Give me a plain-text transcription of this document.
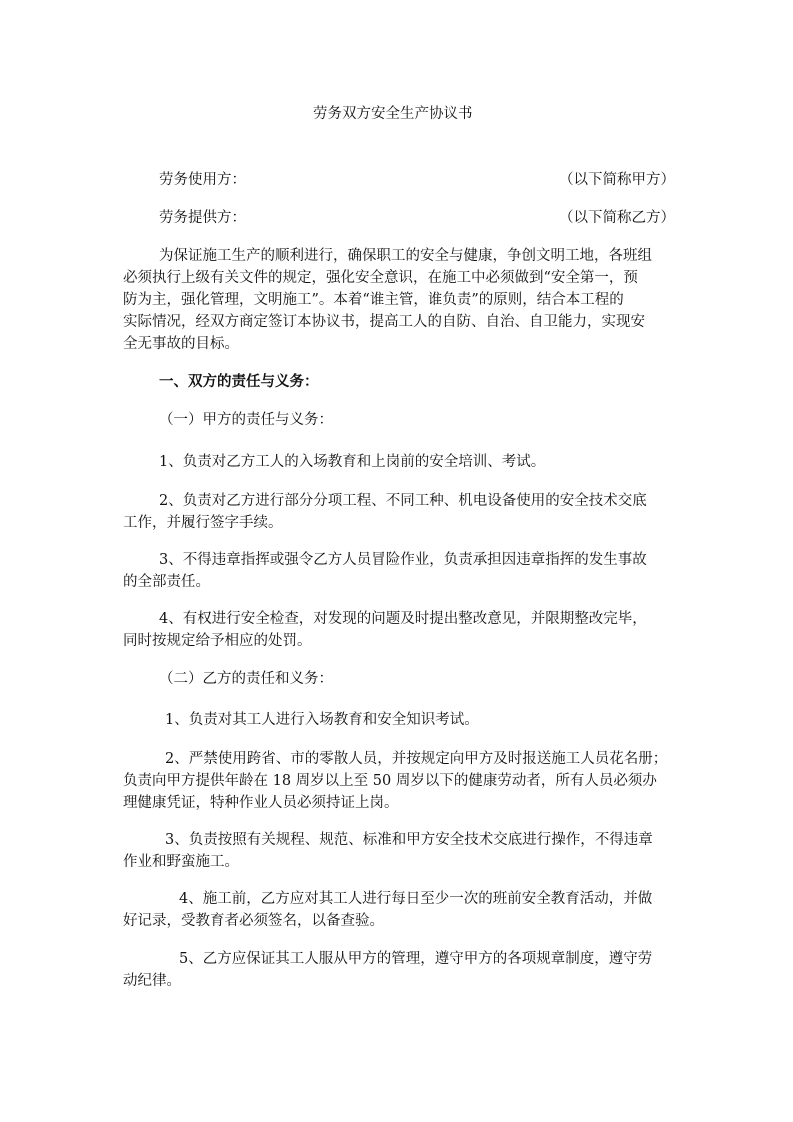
劳务双方安全生产协议书
劳务使用方：	（以下简称甲方）
劳务提供方：	（以下简称乙方）
为保证施工生产的顺利进行，确保职工的安全与健康，争创文明工地，各班组
必须执行上级有关文件的规定，强化安全意识，在施工中必须做到“安全第一，预
防为主，强化管理，文明施工”。本着“谁主管，谁负责”的原则，结合本工程的
实际情况，经双方商定签订本协议书，提高工人的自防、自治、自卫能力，实现安
全无事故的目标。
一、双方的责任与义务：
（一）甲方的责任与义务：
1、负责对乙方工人的入场教育和上岗前的安全培训、考试。
2、负责对乙方进行部分分项工程、不同工种、机电设备使用的安全技术交底
工作，并履行签字手续。
3、不得违章指挥或强令乙方人员冒险作业，负责承担因违章指挥的发生事故
的全部责任。
4、有权进行安全检查，对发现的问题及时提出整改意见，并限期整改完毕，
同时按规定给予相应的处罚。
（二）乙方的责任和义务：
1、负责对其工人进行入场教育和安全知识考试。
2、严禁使用跨省、市的零散人员，并按规定向甲方及时报送施工人员花名册；
负责向甲方提供年龄在 18 周岁以上至 50 周岁以下的健康劳动者，所有人员必须办
理健康凭证，特种作业人员必须持证上岗。
3、负责按照有关规程、规范、标准和甲方安全技术交底进行操作，不得违章
作业和野蛮施工。
4、施工前，乙方应对其工人进行每日至少一次的班前安全教育活动，并做
好记录，受教育者必须签名，以备查验。
5、乙方应保证其工人服从甲方的管理，遵守甲方的各项规章制度，遵守劳
动纪律。
